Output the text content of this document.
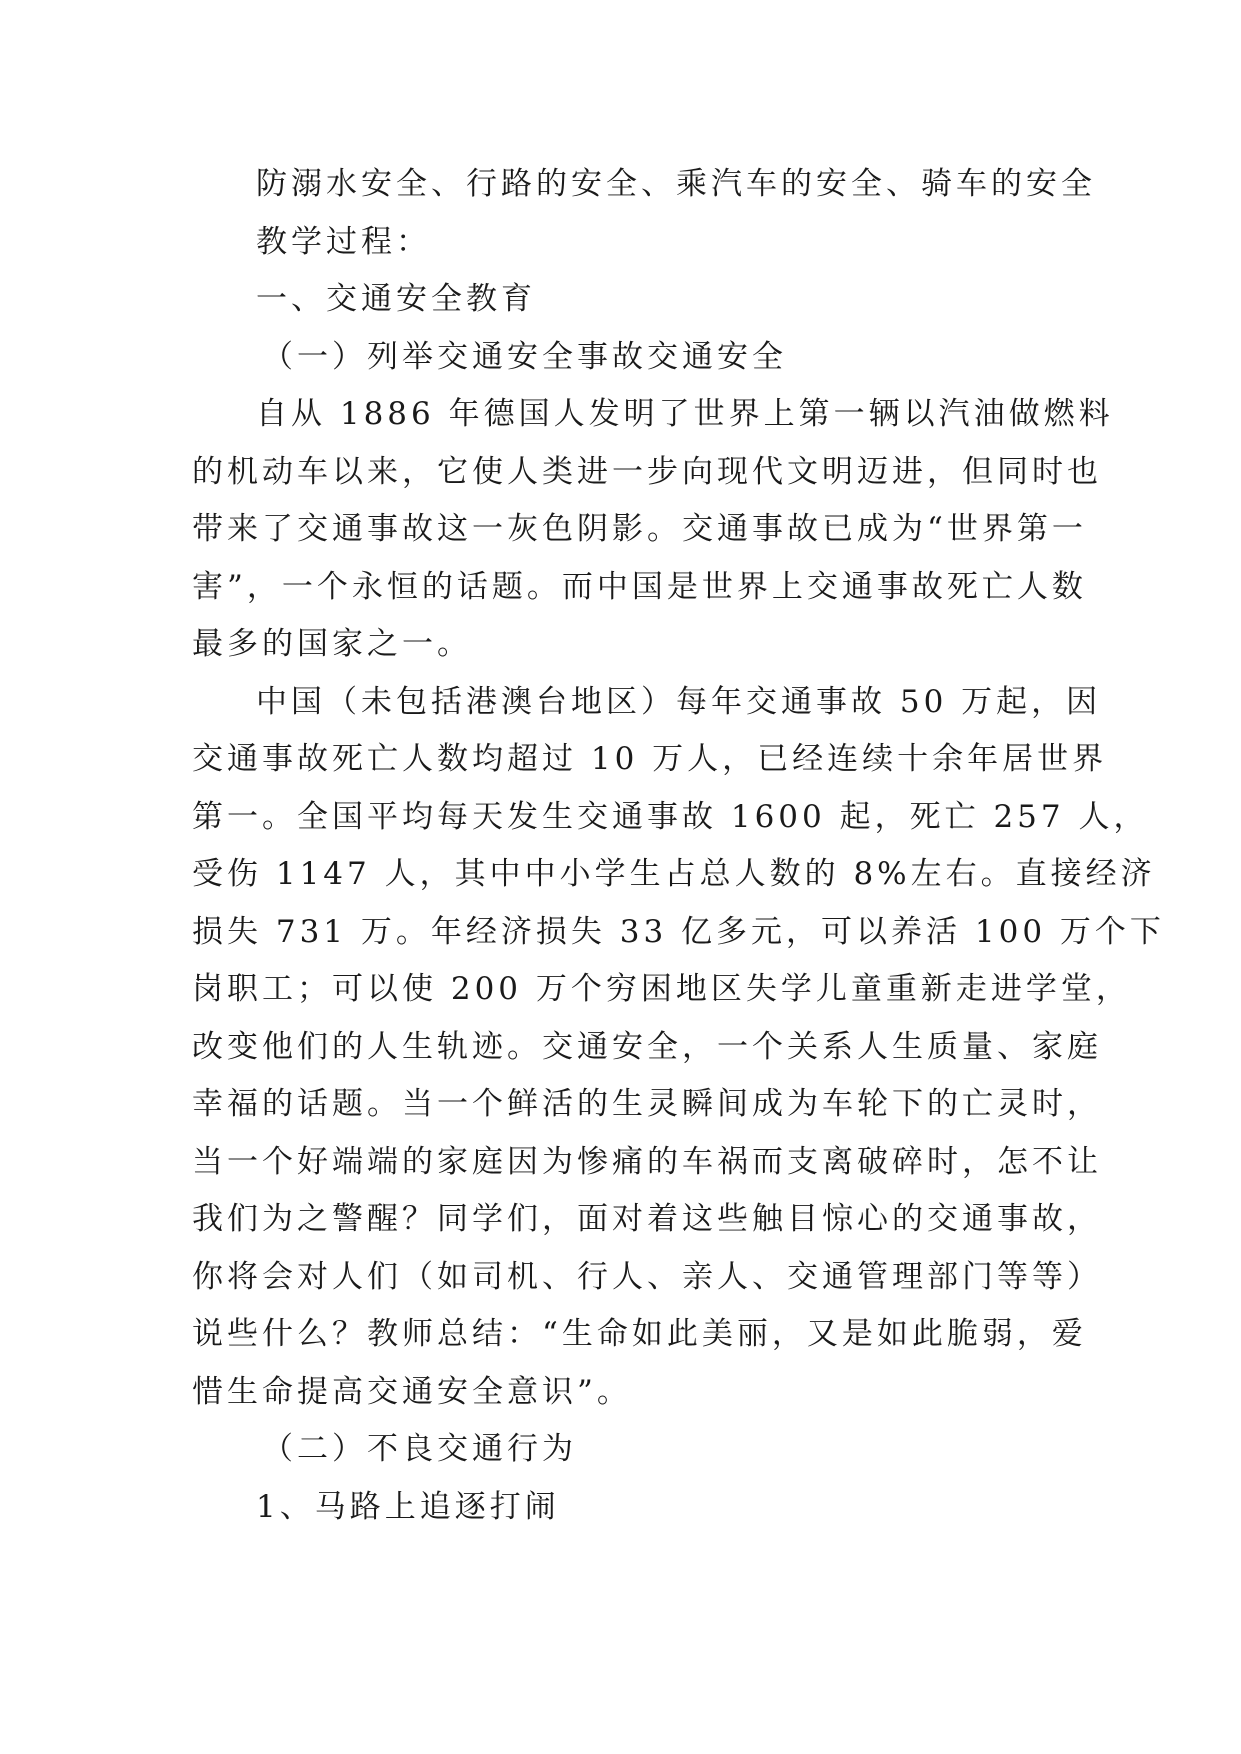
防溺水安全、行路的安全、乘汽车的安全、骑车的安全
教学过程：
一、交通安全教育
（一）列举交通安全事故交通安全
自从 1886 年德国人发明了世界上第一辆以汽油做燃料
的机动车以来，它使人类进一步向现代文明迈进，但同时也
带来了交通事故这一灰色阴影。交通事故已成为“世界第一
害”，一个永恒的话题。而中国是世界上交通事故死亡人数
最多的国家之一。
中国（未包括港澳台地区）每年交通事故 50 万起，因
交通事故死亡人数均超过 10 万人，已经连续十余年居世界
第一。全国平均每天发生交通事故 1600 起，死亡 257 人，
受伤 1147 人，其中中小学生占总人数的 8%左右。直接经济
损失 731 万。年经济损失 33 亿多元，可以养活 100 万个下
岗职工；可以使 200 万个穷困地区失学儿童重新走进学堂，
改变他们的人生轨迹。交通安全，一个关系人生质量、家庭
幸福的话题。当一个鲜活的生灵瞬间成为车轮下的亡灵时，
当一个好端端的家庭因为惨痛的车祸而支离破碎时，怎不让
我们为之警醒？同学们，面对着这些触目惊心的交通事故，
你将会对人们（如司机、行人、亲人、交通管理部门等等）
说些什么？教师总结：“生命如此美丽，又是如此脆弱，爱
惜生命提高交通安全意识”。
（二）不良交通行为
1、马路上追逐打闹
